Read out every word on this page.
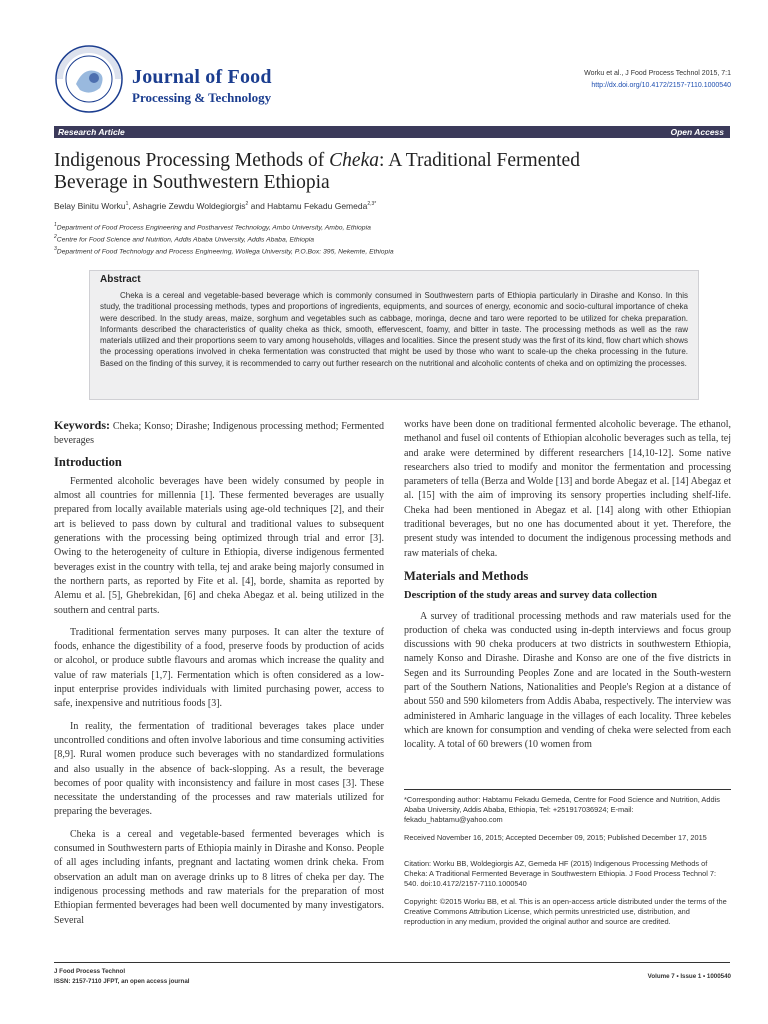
Journal of Food
Processing & Technology
Worku et al., J Food Process Technol 2015, 7:1
http://dx.doi.org/10.4172/2157-7110.1000540
Research Article	Open Access
Indigenous Processing Methods of Cheka: A Traditional Fermented
Beverage in Southwestern Ethiopia
Belay Binitu Worku$^1$, Ashagrie Zewdu Woldegiorgis$^2$ and Habtamu Fekadu Gemeda$^{2,3*}$
$^1$Department of Food Process Engineering and Postharvest Technology, Ambo University, Ambo, Ethiopia
$^2$Centre for Food Science and Nutrition, Addis Ababa University, Addis Ababa, Ethiopia
$^3$Department of Food Technology and Process Engineering, Wollega University, P.O.Box: 395, Nekemte, Ethiopia
Abstract
Cheka is a cereal and vegetable-based beverage which is commonly consumed in Southwestern parts of Ethiopia particularly in Dirashe and Konso. In this study, the traditional processing methods, types and proportions of ingredients, equipments, and sources of energy, economic and socio-cultural importance of cheka were described. In the study areas, maize, sorghum and vegetables such as cabbage, moringa, decne and taro were reported to be utilized for cheka preparation. Informants described the characteristics of quality cheka as thick, smooth, effervescent, foamy, and bitter in taste. The processing methods as well as the raw materials utilized and their proportions seem to vary among households, villages and localities. Since the present study was the first of its kind, flow chart which shows the processing operations involved in cheka fermentation was constructed that might be used by those who want to scale-up the cheka processing in the future. Based on the finding of this survey, it is recommended to carry out further research on the nutritional and alcoholic contents of cheka and on optimizing the processes.
Keywords: Cheka; Konso; Dirashe; Indigenous processing method; Fermented beverages
Introduction

Fermented alcoholic beverages have been widely consumed by people in almost all countries for millennia [1]. These fermented beverages are usually prepared from locally available materials using age-old techniques [2], and their art is believed to pass down by cultural and traditional values to subsequent generations with the processing being optimized through trial and error [3]. Owing to the heterogeneity of culture in Ethiopia, diverse indigenous fermented beverages exist in the country with tella, tej and arake being majorly consumed in the northern parts, as reported by Fite et al. [4], borde, shamita as reported by Alemu et al. [5], Ghebrekidan, [6] and cheka Abegaz et al. being utilized in the southern and central parts.

Traditional fermentation serves many purposes. It can alter the texture of foods, enhance the digestibility of a food, preserve foods by production of acids or alcohol, or produce subtle flavours and aromas which increase the quality and value of raw materials [1,7]. Fermentation which is often considered as a low-input enterprise provides individuals with limited purchasing power, access to safe, inexpensive and nutritious foods [3].

In reality, the fermentation of traditional beverages takes place under uncontrolled conditions and often involve laborious and time consuming activities [8,9]. Rural women produce such beverages with no standardized formulations and also usually in the absence of back-slopping. As a result, the beverage becomes of poor quality with inconsistency and failure in most cases [3]. These necessitate the understanding of the processes and raw materials utilized for preparing the beverages.

Cheka is a cereal and vegetable-based fermented beverages which is consumed in Southwestern parts of Ethiopia mainly in Dirashe and Konso. People of all ages including infants, pregnant and lactating women drink cheka. From observation an adult man on average drinks up to 8 litres of cheka per day. The indigenous processing methods and raw materials for the preparation of most Ethiopian fermented beverages had been well documented by many investigators. Several

works have been done on traditional fermented alcoholic beverage. The ethanol, methanol and fusel oil contents of Ethiopian alcoholic beverages such as tella, tej and arake were determined by different researchers [14,10-12]. Some native researchers also tried to modify and monitor the fermentation and processing parameters of tella (Berza and Wolde [13] and borde Abegaz et al. [14] Abegaz et al. [15] with the aim of improving its sensory properties including shelf-life. Cheka had been mentioned in Abegaz et al. [14] along with other Ethiopian traditional beverages, but no one has documented about it yet. Therefore, the present study was intended to document the indigenous processing methods and raw materials of cheka.

Materials and Methods
Description of the study areas and survey data collection

A survey of traditional processing methods and raw materials used for the production of cheka was conducted using in-depth interviews and focus group discussions with 90 cheka producers at two districts in southwestern Ethiopia, namely Konso and Dirashe. Dirashe and Konso are one of the five districts in Segen and its Surrounding Peoples Zone and are located in the South-western part of the Southern Nations, Nationalities and People's Region at a distance of about 550 and 590 kilometers from Addis Ababa, respectively. The interview was administered in Amharic language in the villages of each locality. Three kebeles which are known for consumption and vending of cheka were selected from each locality. A total of 60 brewers (10 women from

*Corresponding author: Habtamu Fekadu Gemeda, Centre for Food Science and Nutrition, Addis Ababa University, Addis Ababa, Ethiopia, Tel: +251917036924; E-mail: fekadu_habtamu@yahoo.com
Received November 16, 2015; Accepted December 09, 2015; Published December 17, 2015
Citation: Worku BB, Woldegiorgis AZ, Gemeda HF (2015) Indigenous Processing Methods of Cheka: A Traditional Fermented Beverage in Southwestern Ethiopia. J Food Process Technol 7: 540. doi:10.4172/2157-7110.1000540
Copyright: ©2015 Worku BB, et al. This is an open-access article distributed under the terms of the Creative Commons Attribution License, which permits unrestricted use, distribution, and reproduction in any medium, provided the original author and source are credited.
J Food Process Technol
ISSN: 2157-7110 JFPT, an open access journal
Volume 7 • Issue 1 • 1000540
